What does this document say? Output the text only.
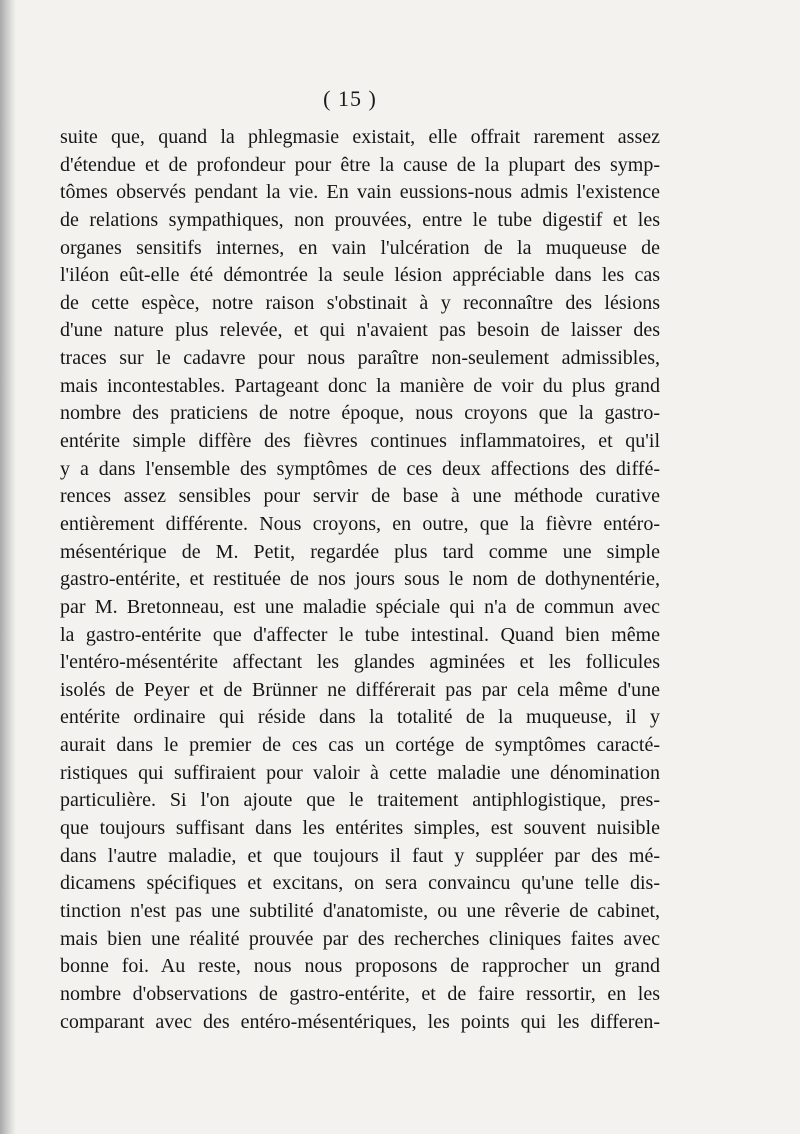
( 15 )
suite que, quand la phlegmasie existait, elle offrait rarement assez
d'étendue et de profondeur pour être la cause de la plupart des symp-
tômes observés pendant la vie. En vain eussions-nous admis l'existence
de relations sympathiques, non prouvées, entre le tube digestif et les
organes sensitifs internes, en vain l'ulcération de la muqueuse de
l'iléon eût-elle été démontrée la seule lésion appréciable dans les cas
de cette espèce, notre raison s'obstinait à y reconnaître des lésions
d'une nature plus relevée, et qui n'avaient pas besoin de laisser des
traces sur le cadavre pour nous paraître non-seulement admissibles,
mais incontestables. Partageant donc la manière de voir du plus grand
nombre des praticiens de notre époque, nous croyons que la gastro-
entérite simple diffère des fièvres continues inflammatoires, et qu'il
y a dans l'ensemble des symptômes de ces deux affections des diffé-
rences assez sensibles pour servir de base à une méthode curative
entièrement différente. Nous croyons, en outre, que la fièvre entéro-
mésentérique de M. Petit, regardée plus tard comme une simple
gastro-entérite, et restituée de nos jours sous le nom de dothynentérie,
par M. Bretonneau, est une maladie spéciale qui n'a de commun avec
la gastro-entérite que d'affecter le tube intestinal. Quand bien même
l'entéro-mésentérite affectant les glandes agminées et les follicules
isolés de Peyer et de Brünner ne différerait pas par cela même d'une
entérite ordinaire qui réside dans la totalité de la muqueuse, il y
aurait dans le premier de ces cas un cortége de symptômes caracté-
ristiques qui suffiraient pour valoir à cette maladie une dénomination
particulière. Si l'on ajoute que le traitement antiphlogistique, pres-
que toujours suffisant dans les entérites simples, est souvent nuisible
dans l'autre maladie, et que toujours il faut y suppléer par des mé-
dicamens spécifiques et excitans, on sera convaincu qu'une telle dis-
tinction n'est pas une subtilité d'anatomiste, ou une rêverie de cabinet,
mais bien une réalité prouvée par des recherches cliniques faites avec
bonne foi. Au reste, nous nous proposons de rapprocher un grand
nombre d'observations de gastro-entérite, et de faire ressortir, en les
comparant avec des entéro-mésentériques, les points qui les differen-
